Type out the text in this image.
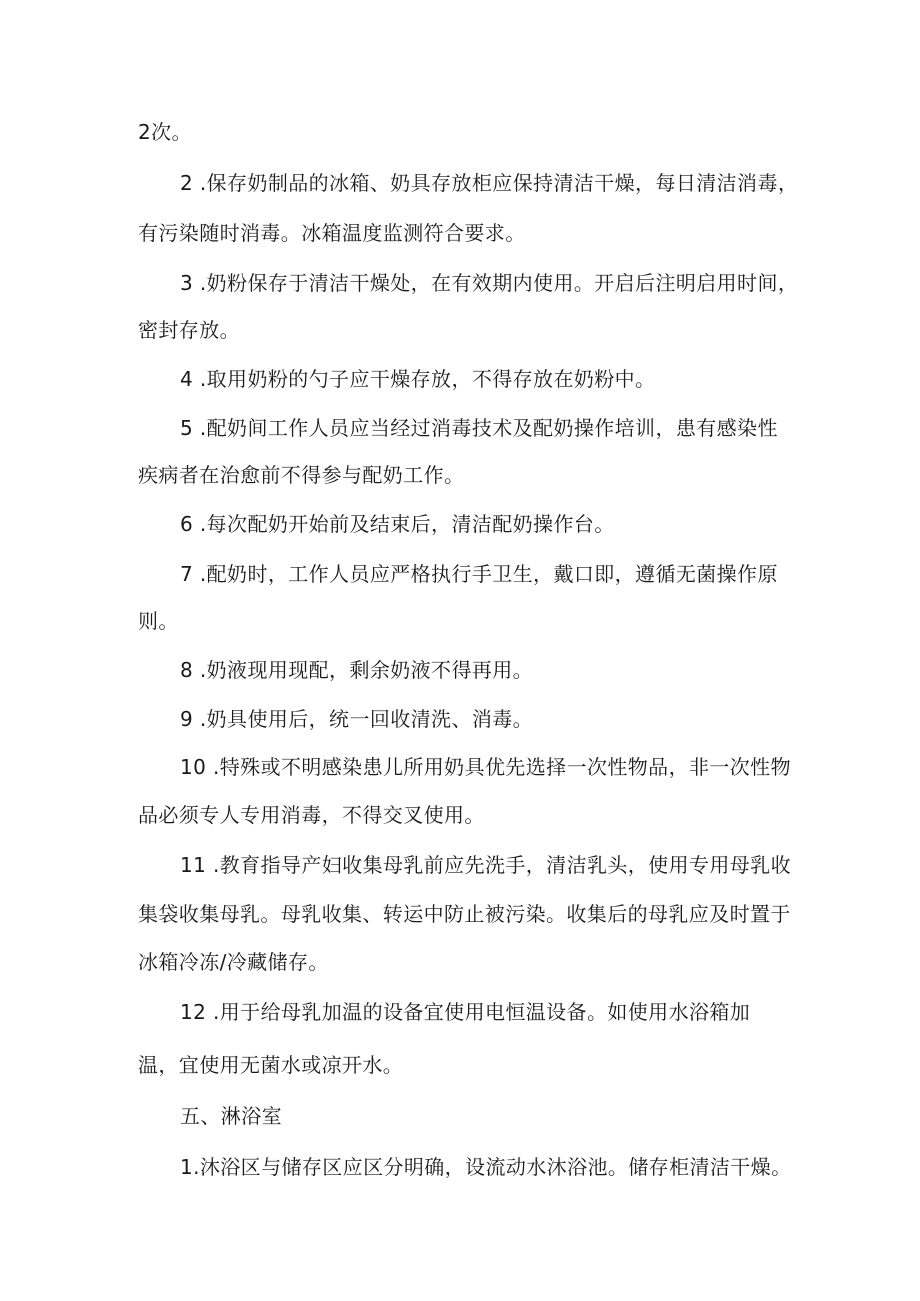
2次。
2 .保存奶制品的冰箱、奶具存放柜应保持清洁干燥，每日清洁消毒，
有污染随时消毒。冰箱温度监测符合要求。
3 .奶粉保存于清洁干燥处，在有效期内使用。开启后注明启用时间，
密封存放。
4 .取用奶粉的勺子应干燥存放，不得存放在奶粉中。
5 .配奶间工作人员应当经过消毒技术及配奶操作培训，患有感染性
疾病者在治愈前不得参与配奶工作。
6 .每次配奶开始前及结束后，清洁配奶操作台。
7 .配奶时，工作人员应严格执行手卫生，戴口即，遵循无菌操作原
则。
8 .奶液现用现配，剩余奶液不得再用。
9 .奶具使用后，统一回收清洗、消毒。
10 .特殊或不明感染患儿所用奶具优先选择一次性物品，非一次性物
品必须专人专用消毒，不得交叉使用。
11 .教育指导产妇收集母乳前应先洗手，清洁乳头，使用专用母乳收
集袋收集母乳。母乳收集、转运中防止被污染。收集后的母乳应及时置于
冰箱冷冻/冷藏储存。
12 .用于给母乳加温的设备宜使用电恒温设备。如使用水浴箱加
温，宜使用无菌水或凉开水。
五、淋浴室
1.沐浴区与储存区应区分明确，设流动水沐浴池。储存柜清洁干燥。
